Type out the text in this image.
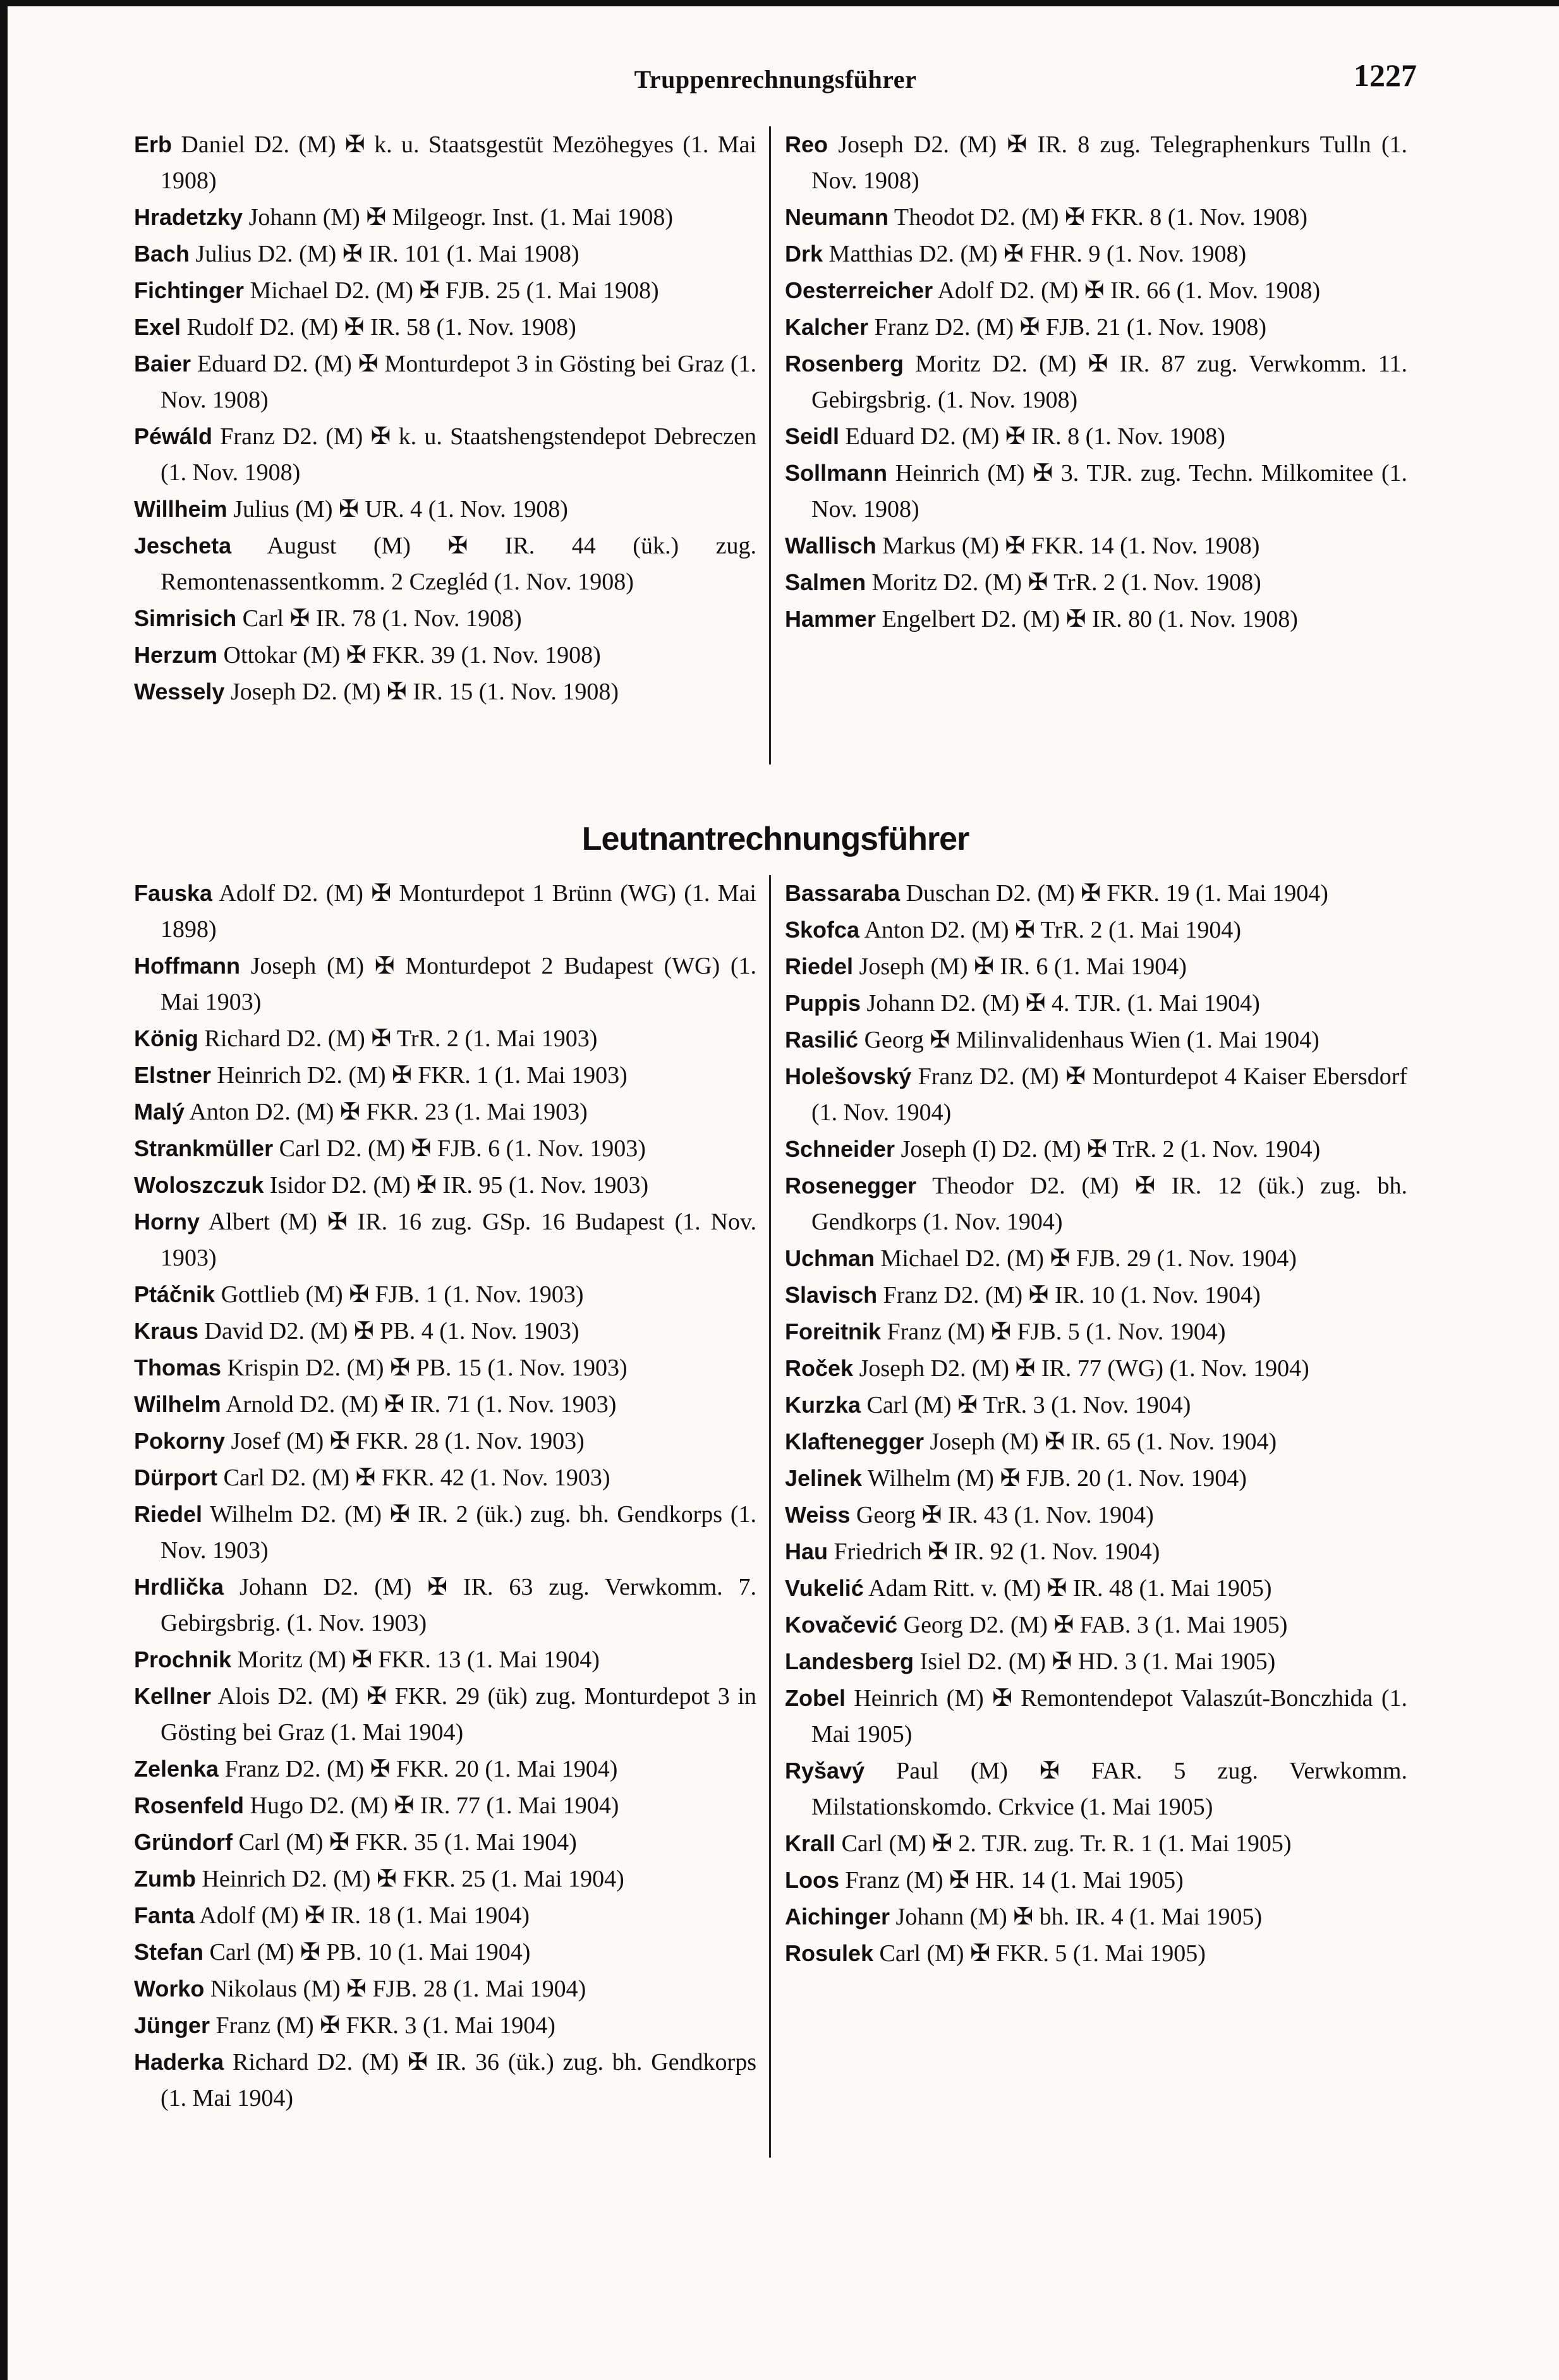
Truppenrechnungsführer	1227

Erb Daniel D2. (M) ✠ k. u. Staatsgestüt Mezöhegyes (1. Mai 1908)

Hradetzky Johann (M) ✠ Milgeogr. Inst. (1. Mai 1908)

Bach Julius D2. (M) ✠ IR. 101 (1. Mai 1908)

Fichtinger Michael D2. (M) ✠ FJB. 25 (1. Mai 1908)

Exel Rudolf D2. (M) ✠ IR. 58 (1. Nov. 1908)

Baier Eduard D2. (M) ✠ Monturdepot 3 in Gösting bei Graz (1. Nov. 1908)

Péwáld Franz D2. (M) ✠ k. u. Staatshengstendepot Debreczen (1. Nov. 1908)

Willheim Julius (M) ✠ UR. 4 (1. Nov. 1908)

Jescheta August (M) ✠ IR. 44 (ük.) zug. Remontenassentkomm. 2 Czegléd (1. Nov. 1908)

Simrisich Carl ✠ IR. 78 (1. Nov. 1908)

Herzum Ottokar (M) ✠ FKR. 39 (1. Nov. 1908)

Wessely Joseph D2. (M) ✠ IR. 15 (1. Nov. 1908)

Reo Joseph D2. (M) ✠ IR. 8 zug. Telegraphenkurs Tulln (1. Nov. 1908)

Neumann Theodot D2. (M) ✠ FKR. 8 (1. Nov. 1908)

Drk Matthias D2. (M) ✠ FHR. 9 (1. Nov. 1908)

Oesterreicher Adolf D2. (M) ✠ IR. 66 (1. Mov. 1908)

Kalcher Franz D2. (M) ✠ FJB. 21 (1. Nov. 1908)

Rosenberg Moritz D2. (M) ✠ IR. 87 zug. Verwkomm. 11. Gebirgsbrig. (1. Nov. 1908)

Seidl Eduard D2. (M) ✠ IR. 8 (1. Nov. 1908)

Sollmann Heinrich (M) ✠ 3. TJR. zug. Techn. Milkomitee (1. Nov. 1908)

Wallisch Markus (M) ✠ FKR. 14 (1. Nov. 1908)

Salmen Moritz D2. (M) ✠ TrR. 2 (1. Nov. 1908)

Hammer Engelbert D2. (M) ✠ IR. 80 (1. Nov. 1908)

Leutnantrechnungsführer

Fauska Adolf D2. (M) ✠ Monturdepot 1 Brünn (WG) (1. Mai 1898)

Hoffmann Joseph (M) ✠ Monturdepot 2 Budapest (WG) (1. Mai 1903)

König Richard D2. (M) ✠ TrR. 2 (1. Mai 1903)

Elstner Heinrich D2. (M) ✠ FKR. 1 (1. Mai 1903)

Malý Anton D2. (M) ✠ FKR. 23 (1. Mai 1903)

Strankmüller Carl D2. (M) ✠ FJB. 6 (1. Nov. 1903)

Woloszczuk Isidor D2. (M) ✠ IR. 95 (1. Nov. 1903)

Horny Albert (M) ✠ IR. 16 zug. GSp. 16 Budapest (1. Nov. 1903)

Ptáčnik Gottlieb (M) ✠ FJB. 1 (1. Nov. 1903)

Kraus David D2. (M) ✠ PB. 4 (1. Nov. 1903)

Thomas Krispin D2. (M) ✠ PB. 15 (1. Nov. 1903)

Wilhelm Arnold D2. (M) ✠ IR. 71 (1. Nov. 1903)

Pokorny Josef (M) ✠ FKR. 28 (1. Nov. 1903)

Dürport Carl D2. (M) ✠ FKR. 42 (1. Nov. 1903)

Riedel Wilhelm D2. (M) ✠ IR. 2 (ük.) zug. bh. Gendkorps (1. Nov. 1903)

Hrdlička Johann D2. (M) ✠ IR. 63 zug. Verwkomm. 7. Gebirgsbrig. (1. Nov. 1903)

Prochnik Moritz (M) ✠ FKR. 13 (1. Mai 1904)

Kellner Alois D2. (M) ✠ FKR. 29 (ük) zug. Monturdepot 3 in Gösting bei Graz (1. Mai 1904)

Zelenka Franz D2. (M) ✠ FKR. 20 (1. Mai 1904)

Rosenfeld Hugo D2. (M) ✠ IR. 77 (1. Mai 1904)

Gründorf Carl (M) ✠ FKR. 35 (1. Mai 1904)

Zumb Heinrich D2. (M) ✠ FKR. 25 (1. Mai 1904)

Fanta Adolf (M) ✠ IR. 18 (1. Mai 1904)

Stefan Carl (M) ✠ PB. 10 (1. Mai 1904)

Worko Nikolaus (M) ✠ FJB. 28 (1. Mai 1904)

Jünger Franz (M) ✠ FKR. 3 (1. Mai 1904)

Haderka Richard D2. (M) ✠ IR. 36 (ük.) zug. bh. Gendkorps (1. Mai 1904)

Bassaraba Duschan D2. (M) ✠ FKR. 19 (1. Mai 1904)

Skofca Anton D2. (M) ✠ TrR. 2 (1. Mai 1904)

Riedel Joseph (M) ✠ IR. 6 (1. Mai 1904)

Puppis Johann D2. (M) ✠ 4. TJR. (1. Mai 1904)

Rasilić Georg ✠ Milinvalidenhaus Wien (1. Mai 1904)

Holešovský Franz D2. (M) ✠ Monturdepot 4 Kaiser Ebersdorf (1. Nov. 1904)

Schneider Joseph (I) D2. (M) ✠ TrR. 2 (1. Nov. 1904)

Rosenegger Theodor D2. (M) ✠ IR. 12 (ük.) zug. bh. Gendkorps (1. Nov. 1904)

Uchman Michael D2. (M) ✠ FJB. 29 (1. Nov. 1904)

Slavisch Franz D2. (M) ✠ IR. 10 (1. Nov. 1904)

Foreitnik Franz (M) ✠ FJB. 5 (1. Nov. 1904)

Roček Joseph D2. (M) ✠ IR. 77 (WG) (1. Nov. 1904)

Kurzka Carl (M) ✠ TrR. 3 (1. Nov. 1904)

Klaftenegger Joseph (M) ✠ IR. 65 (1. Nov. 1904)

Jelinek Wilhelm (M) ✠ FJB. 20 (1. Nov. 1904)

Weiss Georg ✠ IR. 43 (1. Nov. 1904)

Hau Friedrich ✠ IR. 92 (1. Nov. 1904)

Vukelić Adam Ritt. v. (M) ✠ IR. 48 (1. Mai 1905)

Kovačević Georg D2. (M) ✠ FAB. 3 (1. Mai 1905)

Landesberg Isiel D2. (M) ✠ HD. 3 (1. Mai 1905)

Zobel Heinrich (M) ✠ Remontendepot Valaszút-Bonczhida (1. Mai 1905)

Ryšavý Paul (M) ✠ FAR. 5 zug. Verwkomm. Milstationskomdo. Crkvice (1. Mai 1905)

Krall Carl (M) ✠ 2. TJR. zug. Tr. R. 1 (1. Mai 1905)

Loos Franz (M) ✠ HR. 14 (1. Mai 1905)

Aichinger Johann (M) ✠ bh. IR. 4 (1. Mai 1905)

Rosulek Carl (M) ✠ FKR. 5 (1. Mai 1905)
